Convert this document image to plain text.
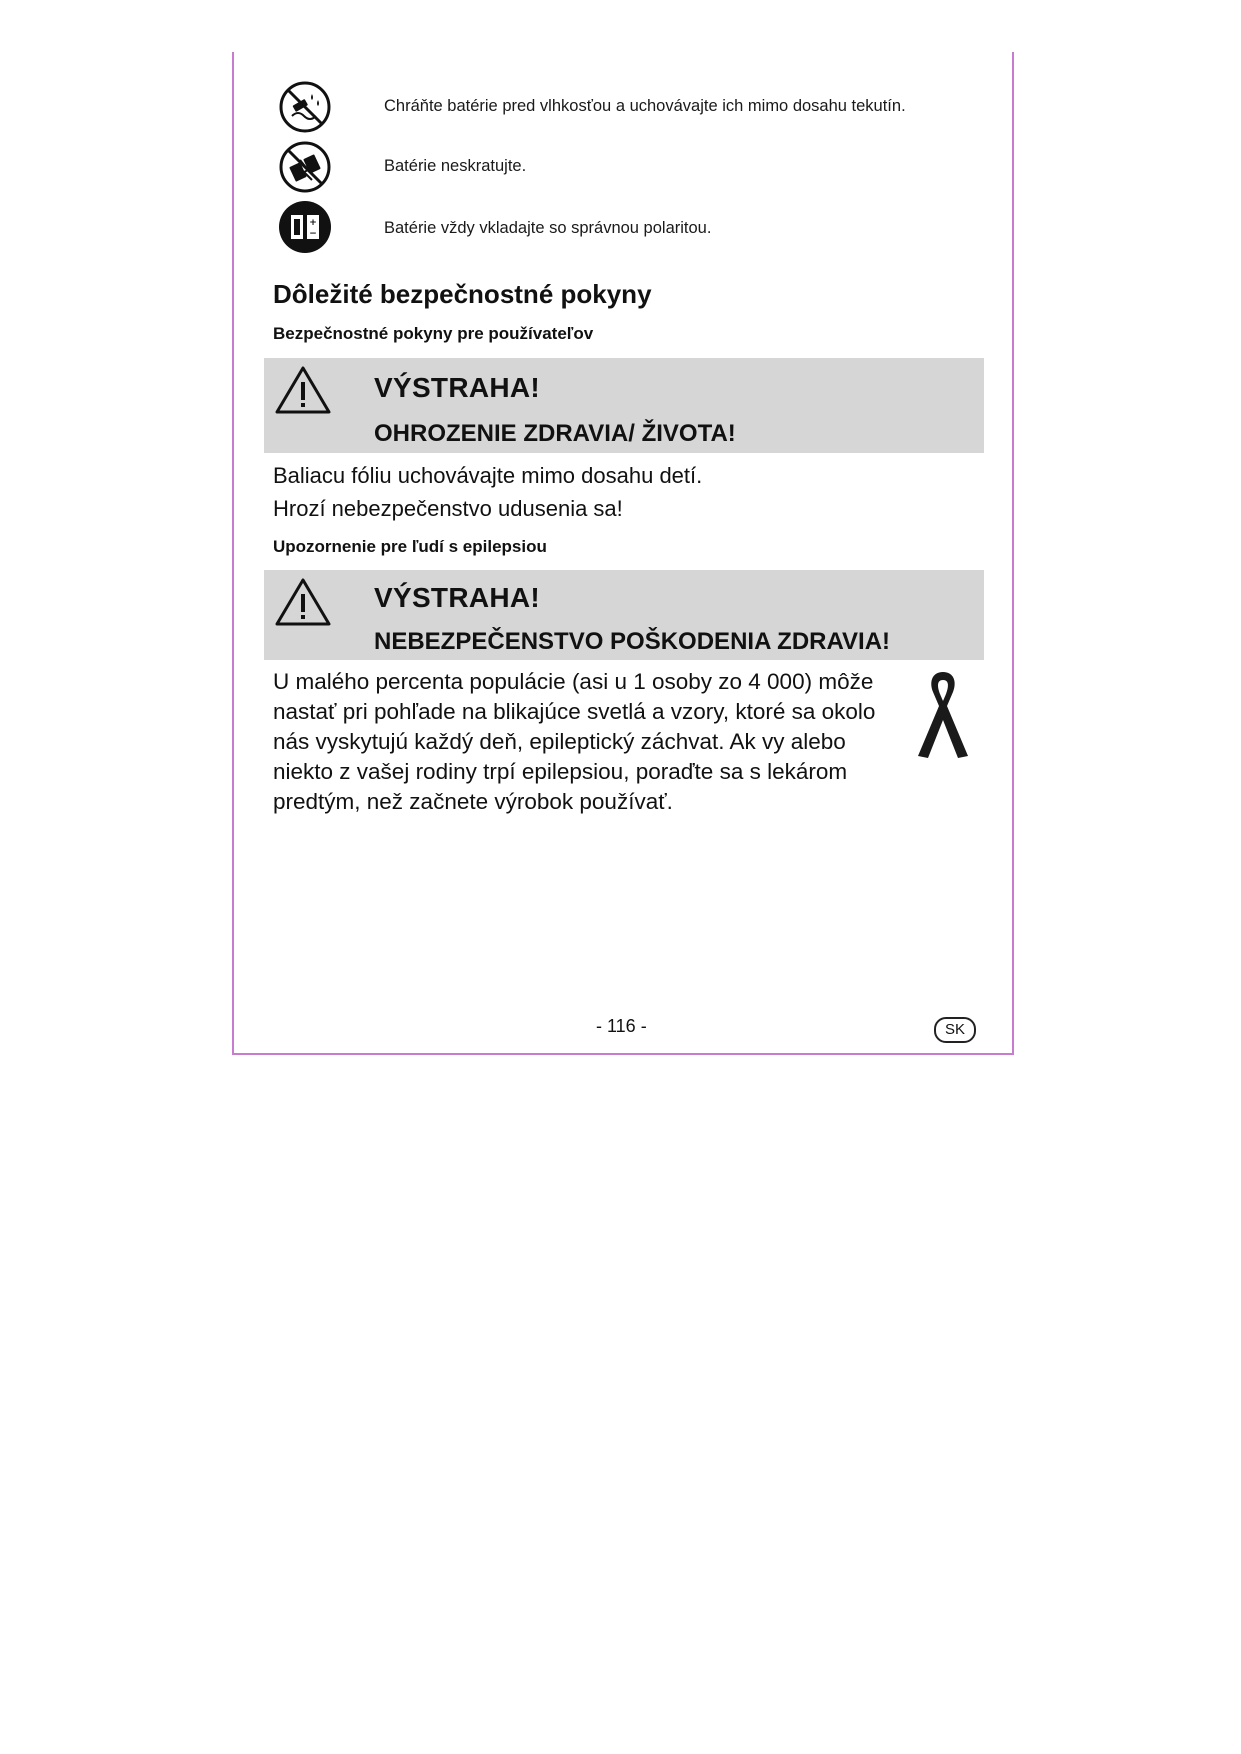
Chráňte batérie pred vlhkosťou a uchovávajte ich mimo dosahu tekutín.
Batérie neskratujte.
+
−	Batérie vždy vkladajte so správnou polaritou.
Dôležité bezpečnostné pokyny
Bezpečnostné pokyny pre používateľov
VÝSTRAHA!
OHROZENIE ZDRAVIA/ ŽIVOTA!
Baliacu fóliu uchovávajte mimo dosahu detí.
Hrozí nebezpečenstvo udusenia sa!
Upozornenie pre ľudí s epilepsiou
VÝSTRAHA!
NEBEZPEČENSTVO POŠKODENIA ZDRAVIA!
U malého percenta populácie (asi u 1 osoby zo 4 000) môže
nastať pri pohľade na blikajúce svetlá a vzory, ktoré sa okolo
nás vyskytujú každý deň, epileptický záchvat. Ak vy alebo
niekto z vašej rodiny trpí epilepsiou, poraďte sa s lekárom
predtým, než začnete výrobok používať.
- 116 -	SK
